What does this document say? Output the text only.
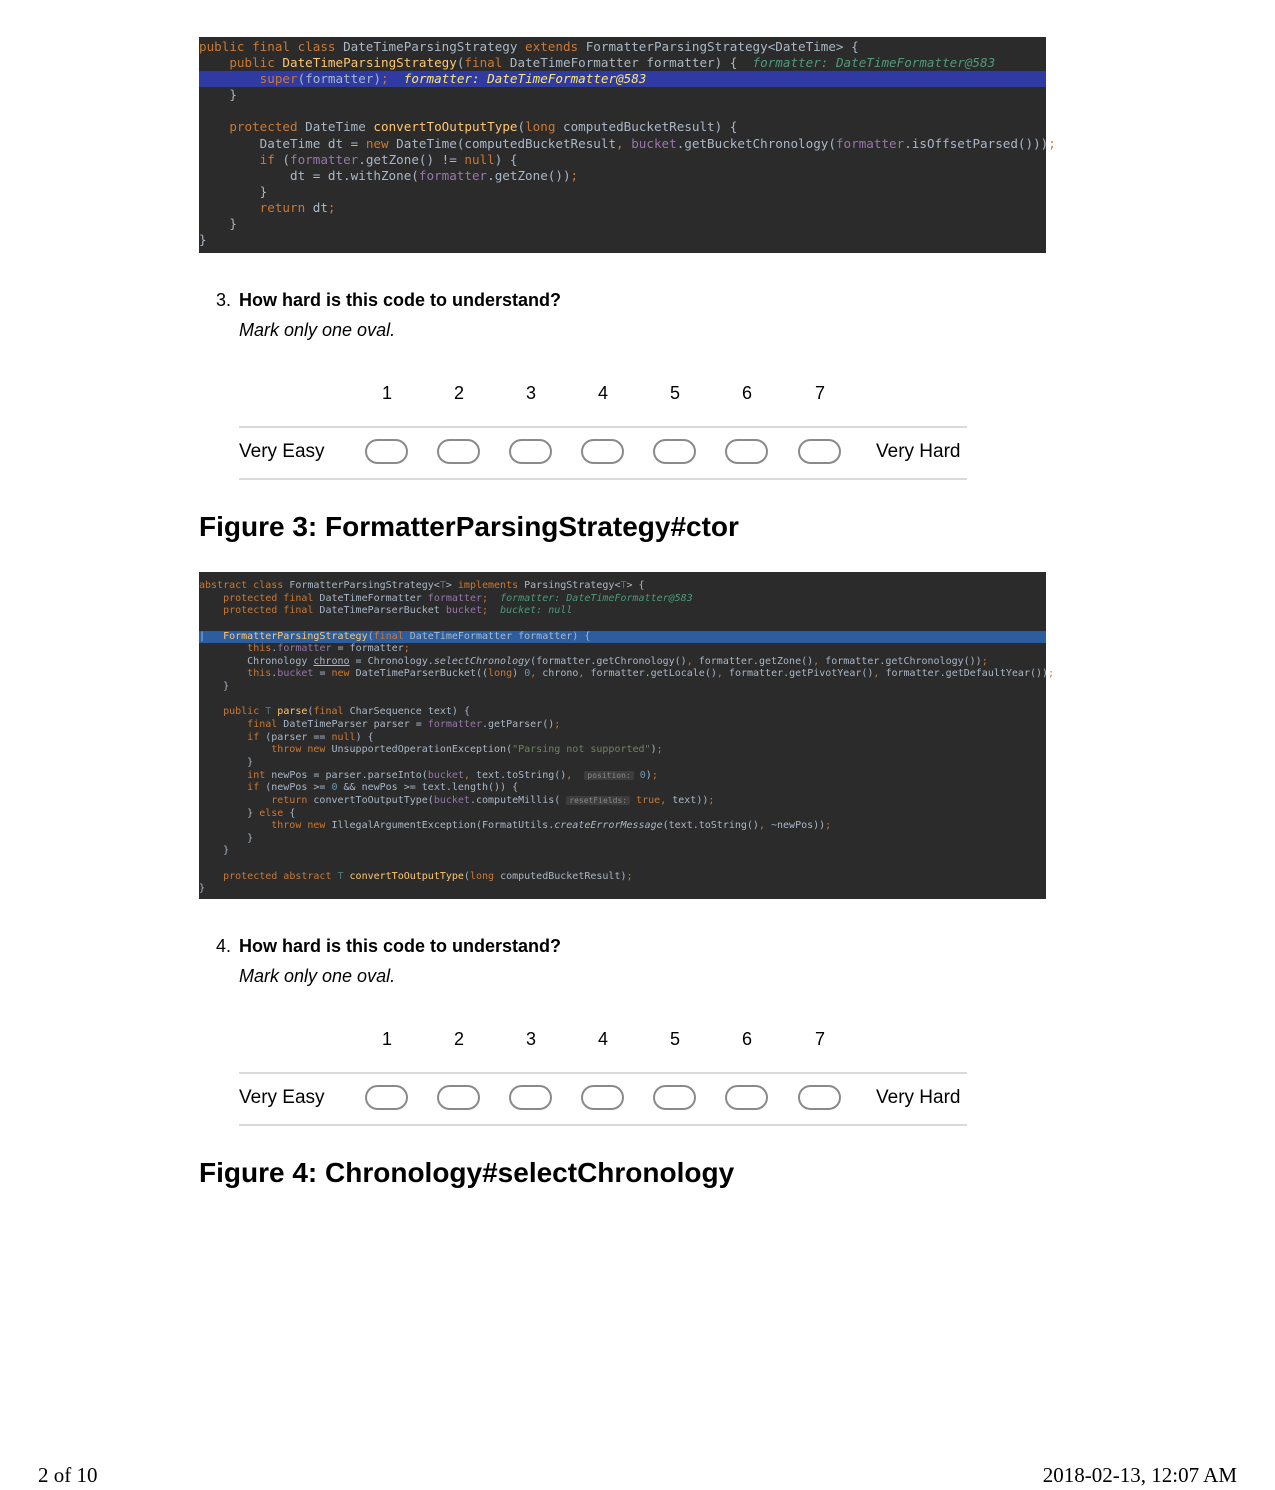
public final class DateTimeParsingStrategy extends FormatterParsingStrategy<DateTime> {
public DateTimeParsingStrategy(final DateTimeFormatter formatter) {  formatter: DateTimeFormatter@583
super(formatter); formatter: DateTimeFormatter@583
}

protected DateTime convertToOutputType(long computedBucketResult) {
DateTime dt = new DateTime(computedBucketResult, bucket.getBucketChronology(formatter.isOffsetParsed()));
if (formatter.getZone() != null) {
dt = dt.withZone(formatter.getZone());
}
return dt;
}
}
3. How hard is this code to understand?
Mark only one oval.
1	2	3	4	5	6	7
Very Easy	Very Hard
Figure 3: FormatterParsingStrategy#ctor
abstract class FormatterParsingStrategy<T> implements ParsingStrategy<T> {
protected final DateTimeFormatter formatter; formatter: DateTimeFormatter@583
protected final DateTimeParserBucket bucket; bucket: null

| FormatterParsingStrategy(final DateTimeFormatter formatter) {
this.formatter = formatter;
Chronology chrono = Chronology.selectChronology(formatter.getChronology(), formatter.getZone(), formatter.getChronology());
this.bucket = new DateTimeParserBucket((long) 0, chrono, formatter.getLocale(), formatter.getPivotYear(), formatter.getDefaultYear());
}

public T parse(final CharSequence text) {
final DateTimeParser parser = formatter.getParser();
if (parser == null) {
throw new UnsupportedOperationException("Parsing not supported");
}
int newPos = parser.parseInto(bucket, text.toString(),  position: 0);
if (newPos >= 0 && newPos >= text.length()) {
return convertToOutputType(bucket.computeMillis( resetFields: true, text));
} else {
throw new IllegalArgumentException(FormatUtils.createErrorMessage(text.toString(), ~newPos));
}
}

protected abstract T convertToOutputType(long computedBucketResult);
}
4. How hard is this code to understand?
Mark only one oval.
1	2	3	4	5	6	7
Very Easy	Very Hard
Figure 4: Chronology#selectChronology
2 of 10	2018-02-13, 12:07 AM
